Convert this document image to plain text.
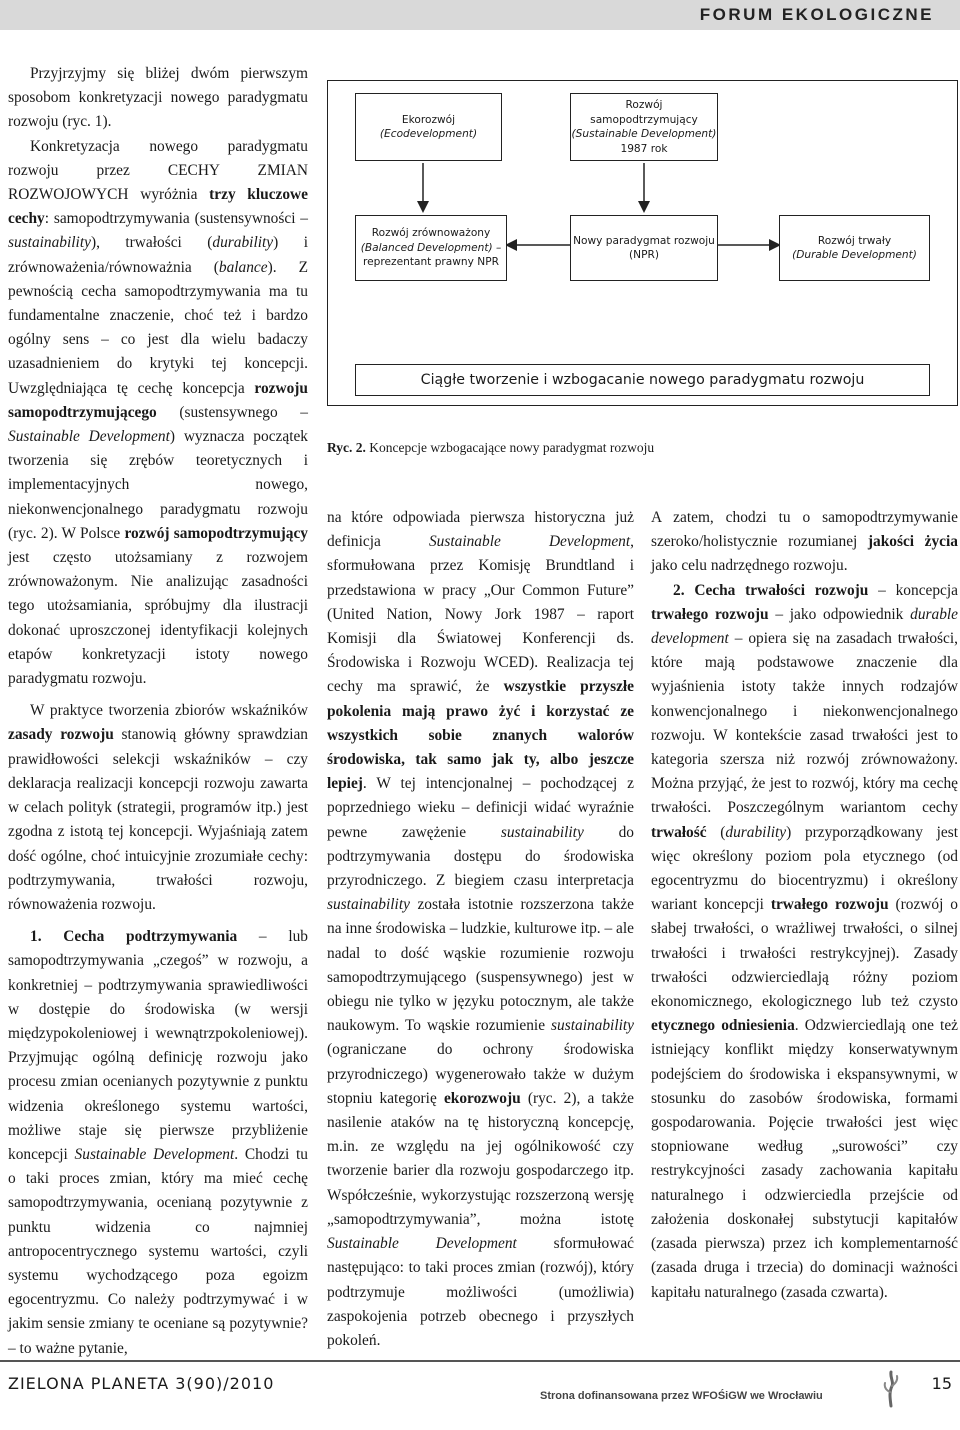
FORUM EKOLOGICZNE

Przyjrzyjmy się bliżej dwóm pierwszym sposobom konkretyzacji nowego paradygmatu rozwoju (ryc. 1).

Konkretyzacja nowego paradygmatu rozwoju przez CECHY ZMIAN ROZWOJOWYCH wyróżnia trzy kluczowe cechy: samopodtrzymywania (sustensywności – sustainability), trwałości (durability) i zrównoważenia/równoważnia (balance). Z pewnością cecha samopodtrzymywania ma tu fundamentalne znaczenie, choć też i bardzo ogólny sens – co jest dla wielu badaczy uzasadnieniem do krytyki tej koncepcji. Uwzględniająca tę cechę koncepcja rozwoju samopodtrzymującego (sustensywnego – Sustainable Development) wyznacza początek tworzenia się zrębów teoretycznych i implementacyjnych nowego, niekonwencjonalnego paradygmatu rozwoju (ryc. 2). W Polsce rozwój samopodtrzymujący jest często utożsamiany z rozwojem zrównoważonym. Nie analizując zasadności tego utożsamiania, spróbujmy dla ilustracji dokonać uproszczonej identyfikacji kolejnych etapów konkretyzacji istoty nowego paradygmatu rozwoju.

W praktyce tworzenia zbiorów wskaźników zasady rozwoju stanowią główny sprawdzian prawidłowości selekcji wskaźników – czy deklaracja realizacji koncepcji rozwoju zawarta w celach polityk (strategii, programów itp.) jest zgodna z istotą tej koncepcji. Wyjaśniają zatem dość ogólne, choć intuicyjnie zrozumiałe cechy: podtrzymywania, trwałości rozwoju, równoważenia rozwoju.

1. Cecha podtrzymywania – lub samopodtrzymywania „czegoś” w rozwoju, a konkretniej – podtrzymywania sprawiedliwości w dostępie do środowiska (w wersji międzypokoleniowej i wewnątrzpokoleniowej). Przyjmując ogólną definicję rozwoju jako procesu zmian ocenianych pozytywnie z punktu widzenia określonego systemu wartości, możliwe staje się pierwsze przybliżenie koncepcji Sustainable Development. Chodzi tu o taki proces zmian, który ma mieć cechę samopodtrzymywania, ocenianą pozytywnie z punktu widzenia co najmniej antropocentrycznego systemu wartości, czyli systemu wychodzącego poza egoizm egocentryzmu. Co należy podtrzymywać i w jakim sensie zmiany te oceniane są pozytywnie? – to ważne pytanie,

Ekorozwój
(Ecodevelopment)
Rozwój samopodtrzymujący
(Sustainable Development)
1987 rok
Rozwój zrównoważony
(Balanced Development) –
reprezentant prawny NPR
Nowy paradygmat rozwoju
(NPR)
Rozwój trwały
(Durable Development)
Ciągłe tworzenie i wzbogacanie nowego paradygmatu rozwoju
Ryc. 2. Koncepcje wzbogacające nowy paradygmat rozwoju

na które odpowiada pierwsza historyczna już definicja Sustainable Development, sformułowana przez Komisję Brundtland i przedstawiona w pracy „Our Common Future” (United Nation, Nowy Jork 1987 – raport Komisji dla Światowej Konferencji ds. Środowiska i Rozwoju WCED). Realizacja tej cechy ma sprawić, że wszystkie przyszłe pokolenia mają prawo żyć i korzystać ze wszystkich sobie znanych walorów środowiska, tak samo jak ty, albo jeszcze lepiej. W tej intencjonalnej – pochodzącej z poprzedniego wieku – definicji widać wyraźnie pewne zawężenie sustainability do podtrzymywania dostępu do środowiska przyrodniczego. Z biegiem czasu interpretacja sustainability została istotnie rozszerzona także na inne środowiska – ludzkie, kulturowe itp. – ale nadal to dość wąskie rozumienie rozwoju samopodtrzymującego (suspensywnego) jest w obiegu nie tylko w języku potocznym, ale także naukowym. To wąskie rozumienie sustainability (ograniczane do ochrony środowiska przyrodniczego) wygenerowało także w dużym stopniu kategorię ekorozwoju (ryc. 2), a także nasilenie ataków na tę historyczną koncepcję, m.in. ze względu na jej ogólnikowość czy tworzenie barier dla rozwoju gospodarczego itp. Współcześnie, wykorzystując rozszerzoną wersję „samopodtrzymywania”, można istotę Sustainable Development sformułować następująco: to taki proces zmian (rozwój), który podtrzymuje możliwości (umożliwia) zaspokojenia potrzeb obecnego i przyszłych pokoleń.

A zatem, chodzi tu o samopodtrzymywanie szeroko/holistycznie rozumianej jakości życia jako celu nadrzędnego rozwoju.

2. Cecha trwałości rozwoju – koncepcja trwałego rozwoju – jako odpowiednik durable development – opiera się na zasadach trwałości, które mają podstawowe znaczenie dla wyjaśnienia istoty także innych rodzajów konwencjonalnego i niekonwencjonalnego rozwoju. W kontekście zasad trwałości jest to kategoria szersza niż rozwój zrównoważony. Można przyjąć, że jest to rozwój, który ma cechę trwałości. Poszczególnym wariantom cechy trwałość (durability) przyporządkowany jest więc określony poziom pola etycznego (od egocentryzmu do biocentryzmu) i określony wariant koncepcji trwałego rozwoju (rozwój o słabej trwałości, o wrażliwej trwałości, o silnej trwałości i trwałości restrykcyjnej). Zasady trwałości odzwierciedlają różny poziom ekonomicznego, ekologicznego lub też czysto etycznego odniesienia. Odzwierciedlają one też istniejący konflikt między konserwatywnym podejściem do środowiska i ekspansywnymi, w stosunku do zasobów środowiska, formami gospodarowania. Pojęcie trwałości jest więc stopniowane według „surowości” czy restrykcyjności zasady zachowania kapitału naturalnego i odzwierciedla przejście od założenia doskonałej substytucji kapitałów (zasada pierwsza) przez ich komplementarność (zasada druga i trzecia) do dominacji ważności kapitału naturalnego (zasada czwarta).

ZIELONA PLANETA 3(90)/2010
Strona dofinansowana przez WFOŚiGW we Wrocławiu
15
